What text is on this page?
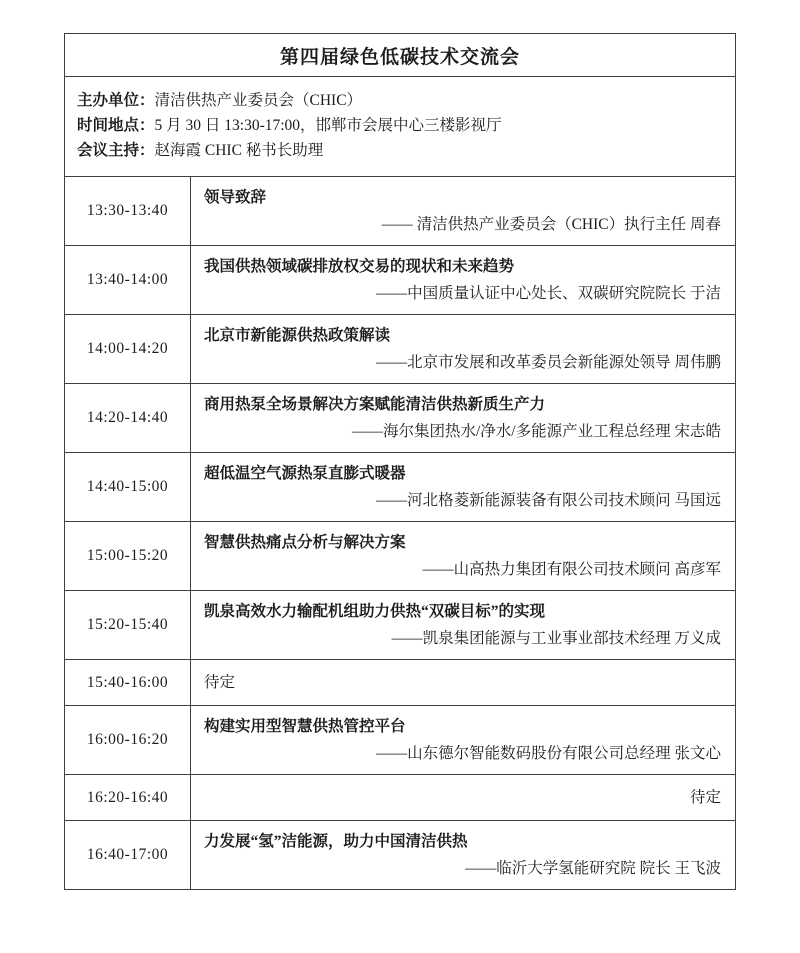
第四届绿色低碳技术交流会
主办单位：清洁供热产业委员会（CHIC）
时间地点：5 月 30 日 13:30-17:00，邯郸市会展中心三楼影视厅
会议主持：赵海霞 CHIC 秘书长助理
13:30-13:40
领导致辞
—— 清洁供热产业委员会（CHIC）执行主任 周春
13:40-14:00
我国供热领域碳排放权交易的现状和未来趋势
——中国质量认证中心处长、双碳研究院院长 于洁
14:00-14:20
北京市新能源供热政策解读
——北京市发展和改革委员会新能源处领导 周伟鹏
14:20-14:40
商用热泵全场景解决方案赋能清洁供热新质生产力
——海尔集团热水/净水/多能源产业工程总经理 宋志皓
14:40-15:00
超低温空气源热泵直膨式暖器
——河北格菱新能源装备有限公司技术顾问 马国远
15:00-15:20
智慧供热痛点分析与解决方案
——山高热力集团有限公司技术顾问 高彦军
15:20-15:40
凯泉高效水力输配机组助力供热“双碳目标”的实现
——凯泉集团能源与工业事业部技术经理 万义成
15:40-16:00	待定
16:00-16:20
构建实用型智慧供热管控平台
——山东德尔智能数码股份有限公司总经理 张文心
16:20-16:40	待定
16:40-17:00
力发展“氢”洁能源，助力中国清洁供热
——临沂大学氢能研究院 院长 王飞波
